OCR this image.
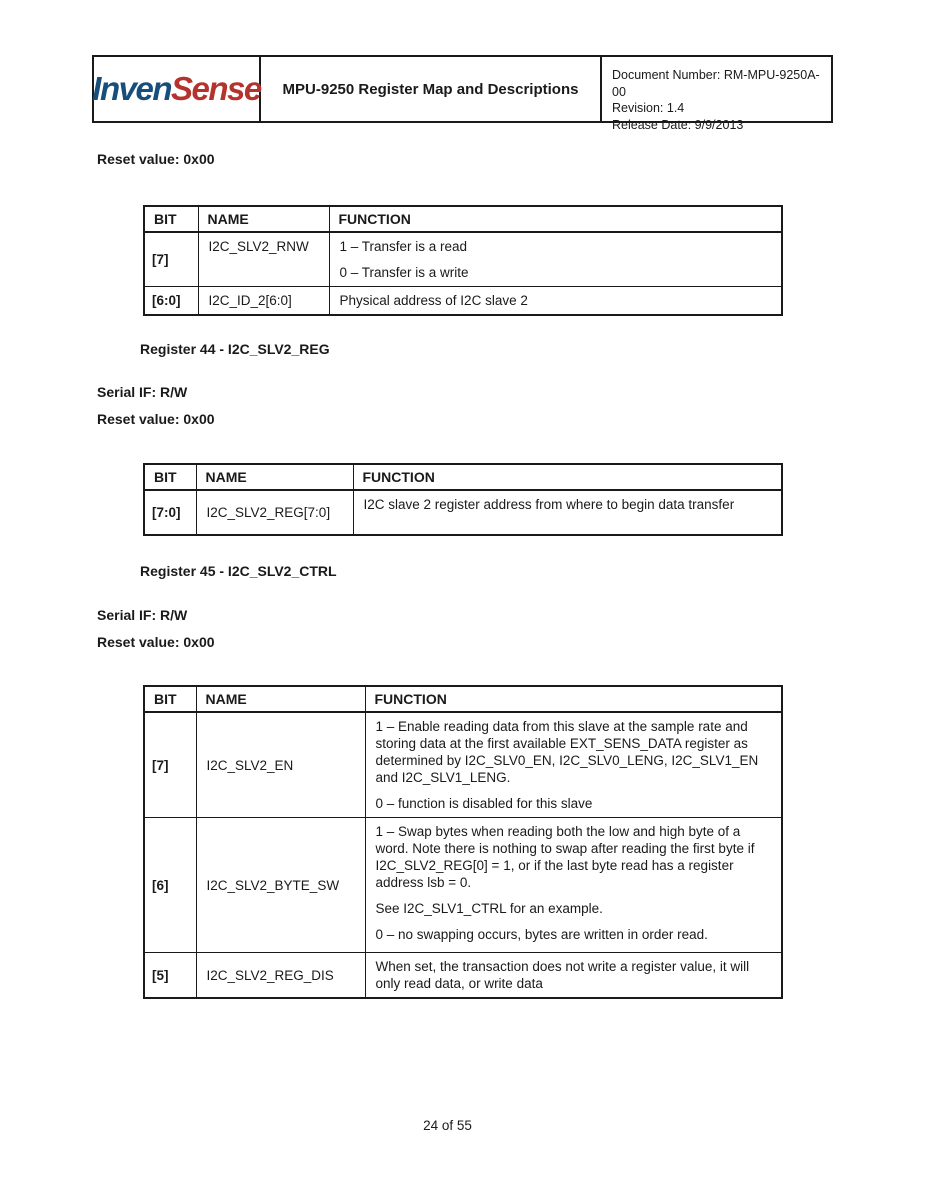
InvenSense	MPU-9250 Register Map and Descriptions
Document Number: RM-MPU-9250A-00
Revision: 1.4
Release Date: 9/9/2013
Reset value: 0x00
BIT	NAME	FUNCTION
[7]	I2C_SLV2_RNW	1 – Transfer is a read

0 – Transfer is a write

[6:0]	I2C_ID_2[6:0]	Physical address of I2C slave 2

Register 44 - I2C_SLV2_REG
Serial IF: R/W
Reset value: 0x00
BIT	NAME	FUNCTION
[7:0]	I2C_SLV2_REG[7:0]	I2C slave 2 register address from where to begin data transfer

Register 45 - I2C_SLV2_CTRL
Serial IF: R/W
Reset value: 0x00
BIT	NAME	FUNCTION
[7]	I2C_SLV2_EN	1 – Enable reading data from this slave at the sample rate and storing data at the first available EXT_SENS_DATA register as determined by I2C_SLV0_EN, I2C_SLV0_LENG, I2C_SLV1_EN and I2C_SLV1_LENG.

0 – function is disabled for this slave

[6]	I2C_SLV2_BYTE_SW	1 – Swap bytes when reading both the low and high byte of a word. Note there is nothing to swap after reading the first byte if I2C_SLV2_REG[0] = 1, or if the last byte read has a register address lsb = 0.

See I2C_SLV1_CTRL for an example.

0 – no swapping occurs, bytes are written in order read.

[5]	I2C_SLV2_REG_DIS	When set, the transaction does not write a register value, it will only read data, or write data

24 of 55
